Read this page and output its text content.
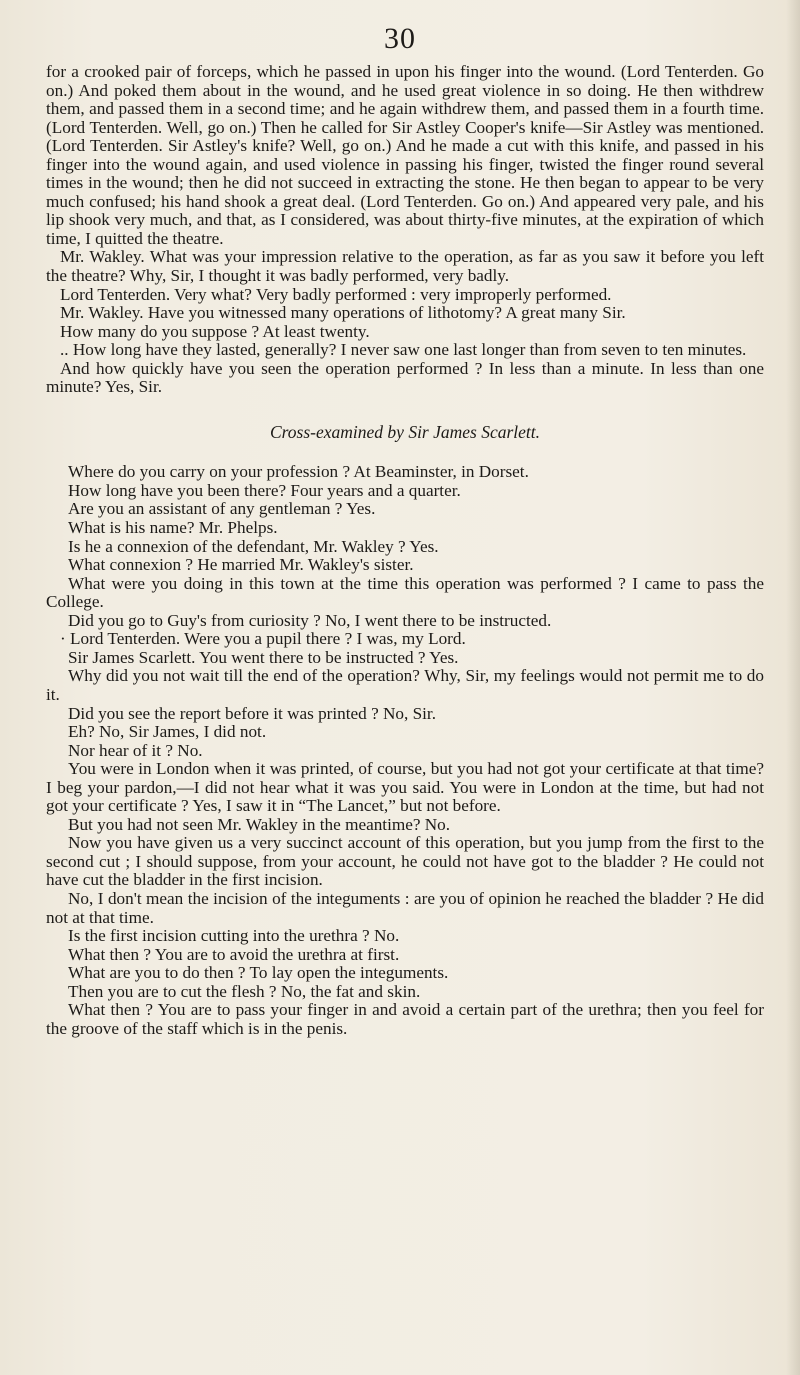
30

for a crooked pair of forceps, which he passed in upon his finger into the wound. (Lord Tenterden. Go on.) And poked them about in the wound, and he used great violence in so doing. He then withdrew them, and passed them in a second time; and he again withdrew them, and passed them in a fourth time. (Lord Tenterden. Well, go on.) Then he called for Sir Astley Cooper's knife—Sir Astley was mentioned. (Lord Tenterden. Sir Astley's knife? Well, go on.) And he made a cut with this knife, and passed in his finger into the wound again, and used violence in passing his finger, twisted the finger round several times in the wound; then he did not succeed in extracting the stone. He then began to appear to be very much confused; his hand shook a great deal. (Lord Tenterden. Go on.) And appeared very pale, and his lip shook very much, and that, as I considered, was about thirty-five minutes, at the expiration of which time, I quitted the theatre.

Mr. Wakley. What was your impression relative to the operation, as far as you saw it before you left the theatre? Why, Sir, I thought it was badly performed, very badly.

Lord Tenterden. Very what? Very badly performed : very improperly performed.

Mr. Wakley. Have you witnessed many operations of lithotomy? A great many Sir.

How many do you suppose ? At least twenty.

.. How long have they lasted, generally? I never saw one last longer than from seven to ten minutes.

And how quickly have you seen the operation performed ? In less than a minute. In less than one minute? Yes, Sir.

Cross-examined by Sir James Scarlett.

Where do you carry on your profession ? At Beaminster, in Dorset.

How long have you been there? Four years and a quarter.

Are you an assistant of any gentleman ? Yes.

What is his name? Mr. Phelps.

Is he a connexion of the defendant, Mr. Wakley ? Yes.

What connexion ? He married Mr. Wakley's sister.

What were you doing in this town at the time this operation was performed ? I came to pass the College.

Did you go to Guy's from curiosity ? No, I went there to be instructed.

· Lord Tenterden. Were you a pupil there ? I was, my Lord.

Sir James Scarlett. You went there to be instructed ? Yes.

Why did you not wait till the end of the operation? Why, Sir, my feelings would not permit me to do it.

Did you see the report before it was printed ? No, Sir.

Eh? No, Sir James, I did not.

Nor hear of it ? No.

You were in London when it was printed, of course, but you had not got your certificate at that time? I beg your pardon,—I did not hear what it was you said. You were in London at the time, but had not got your certificate ? Yes, I saw it in “The Lancet,” but not before.

But you had not seen Mr. Wakley in the meantime? No.

Now you have given us a very succinct account of this operation, but you jump from the first to the second cut ; I should suppose, from your account, he could not have got to the bladder ? He could not have cut the bladder in the first incision.

No, I don't mean the incision of the integuments : are you of opinion he reached the bladder ? He did not at that time.

Is the first incision cutting into the urethra ? No.

What then ? You are to avoid the urethra at first.

What are you to do then ? To lay open the integuments.

Then you are to cut the flesh ? No, the fat and skin.

What then ? You are to pass your finger in and avoid a certain part of the urethra; then you feel for the groove of the staff which is in the penis.
